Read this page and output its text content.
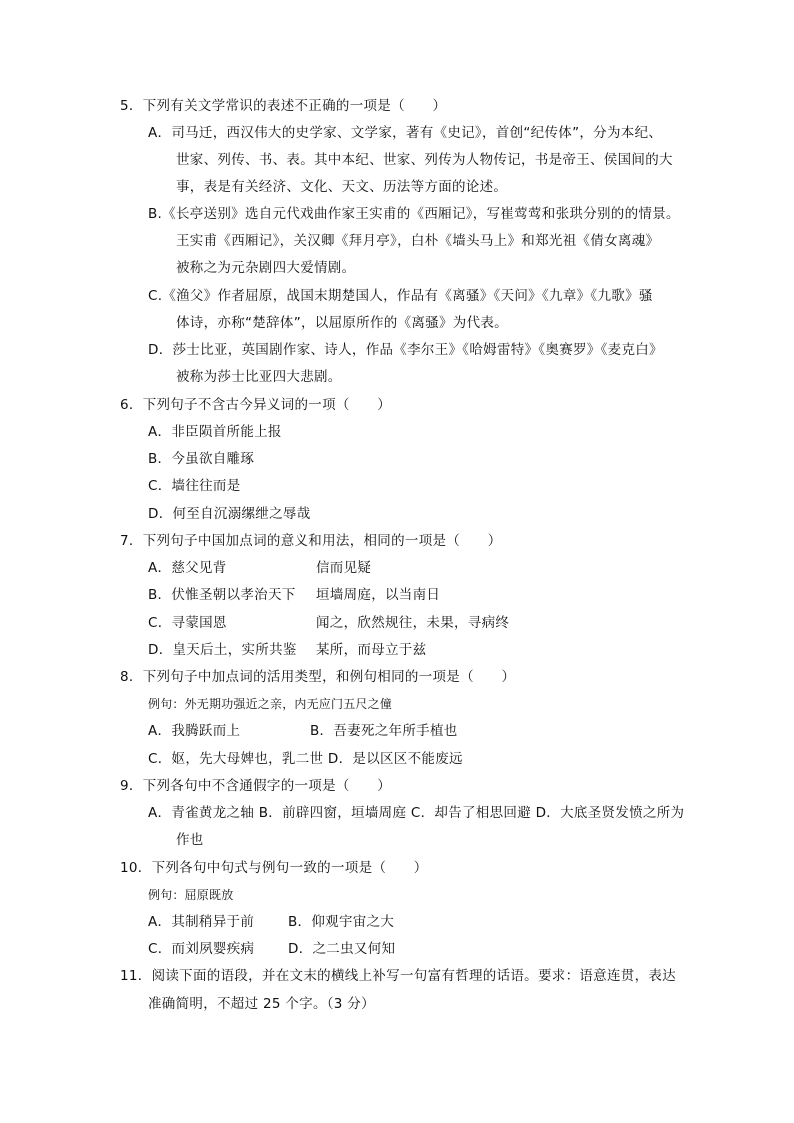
5．下列有关文学常识的表述不正确的一项是（　　）
A．司马迁，西汉伟大的史学家、文学家，著有《史记》，首创“纪传体”，分为本纪、
世家、列传、书、表。其中本纪、世家、列传为人物传记，书是帝王、侯国间的大
事，表是有关经济、文化、天文、历法等方面的论述。
B.《长亭送别》选自元代戏曲作家王实甫的《西厢记》，写崔莺莺和张珙分别的的情景。
王实甫《西厢记》，关汉卿《拜月亭》，白朴《墙头马上》和郑光祖《倩女离魂》
被称之为元杂剧四大爱情剧。
C.《渔父》作者屈原，战国末期楚国人，作品有《离骚》《天问》《九章》《九歌》骚
体诗，亦称“楚辞体”，以屈原所作的《离骚》为代表。
D．莎士比亚，英国剧作家、诗人，作品《李尔王》《哈姆雷特》《奥赛罗》《麦克白》
被称为莎士比亚四大悲剧。
6．下列句子不含古今异义词的一项（　　）
A．非臣陨首所能上报
B．今虽欲自雕琢
C．墙往往而是
D．何至自沉溺缧绁之辱哉
7．下列句子中国加点词的意义和用法，相同的一项是（　　）
A．慈父见背	信而见疑
B．伏惟圣朝以孝治天下 垣墙周庭，以当南日
C．寻蒙国恩	闻之，欣然规往，未果，寻病终
D．皇天后土，实所共鉴 某所，而母立于兹
8．下列句子中加点词的活用类型，和例句相同的一项是（　　）
例句：外无期功强近之亲，内无应门五尺之僮
A．我腾跃而上	B．吾妻死之年所手植也
C．妪，先大母婢也，乳二世 D．是以区区不能废远
9．下列各句中不含通假字的一项是（　　）
A．青雀黄龙之轴 B．前辟四窗，垣墙周庭 C．却告了相思回避 D．大底圣贤发愤之所为
作也
10．下列各句中句式与例句一致的一项是（　　）
例句：屈原既放
A．其制稍异于前	B．仰观宇宙之大
C．而刘夙婴疾病 D．之二虫又何知
11．阅读下面的语段，并在文末的横线上补写一句富有哲理的话语。要求：语意连贯，表达
准确简明，不超过 25 个字。（3 分）
